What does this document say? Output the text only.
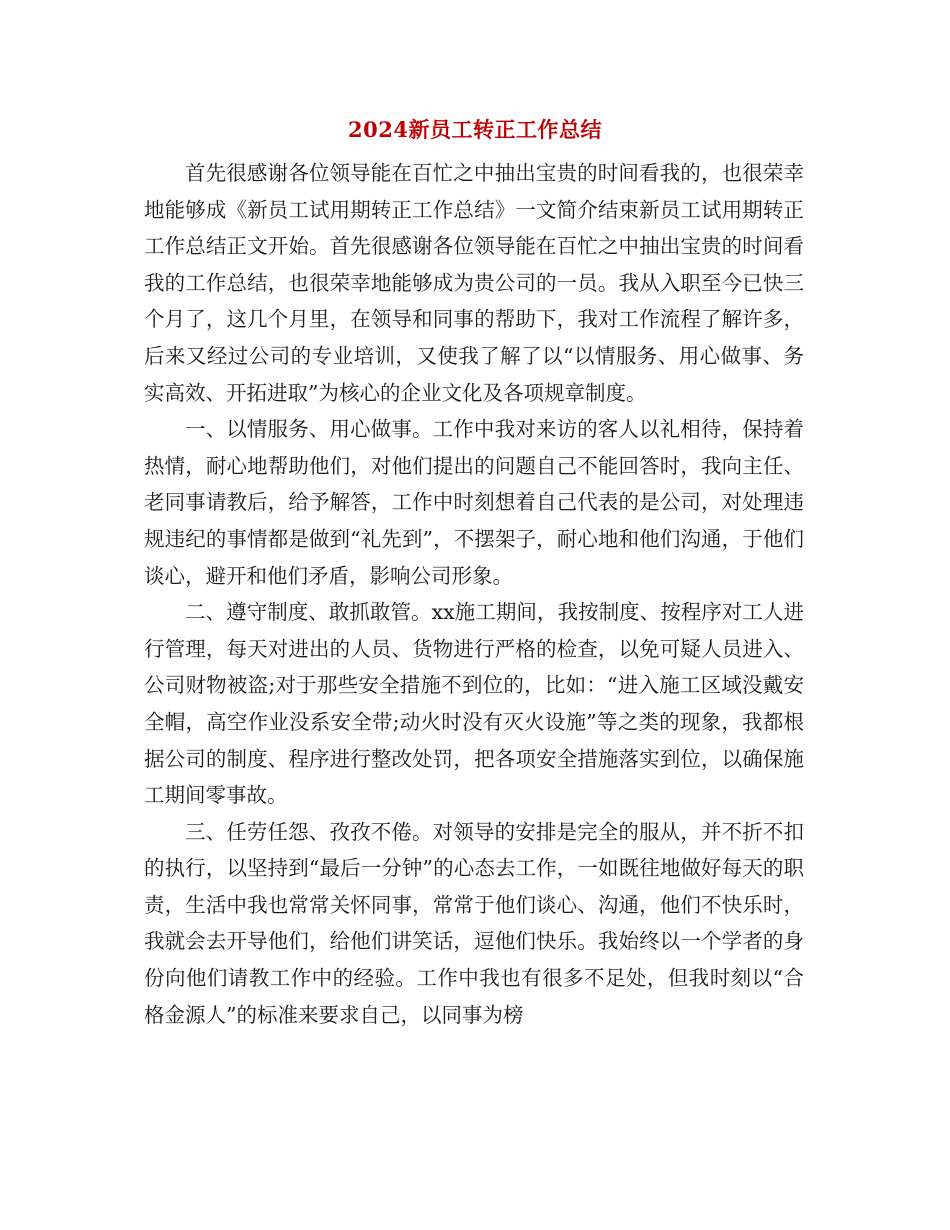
2024新员工转正工作总结

首先很感谢各位领导能在百忙之中抽出宝贵的时间看我的，也很荣幸地能够成《新员工试用期转正工作总结》一文简介结束新员工试用期转正工作总结正文开始。首先很感谢各位领导能在百忙之中抽出宝贵的时间看我的工作总结，也很荣幸地能够成为贵公司的一员。我从入职至今已快三个月了，这几个月里，在领导和同事的帮助下，我对工作流程了解许多，后来又经过公司的专业培训，又使我了解了以“以情服务、用心做事、务实高效、开拓进取”为核心的企业文化及各项规章制度。

一、以情服务、用心做事。工作中我对来访的客人以礼相待，保持着热情，耐心地帮助他们，对他们提出的问题自己不能回答时，我向主任、老同事请教后，给予解答，工作中时刻想着自己代表的是公司，对处理违规违纪的事情都是做到“礼先到”，不摆架子，耐心地和他们沟通，于他们谈心，避开和他们矛盾，影响公司形象。

二、遵守制度、敢抓敢管。xx施工期间，我按制度、按程序对工人进行管理，每天对进出的人员、货物进行严格的检查，以免可疑人员进入、公司财物被盗;对于那些安全措施不到位的，比如：“进入施工区域没戴安全帽，高空作业没系安全带;动火时没有灭火设施”等之类的现象，我都根据公司的制度、程序进行整改处罚，把各项安全措施落实到位，以确保施工期间零事故。

三、任劳任怨、孜孜不倦。对领导的安排是完全的服从，并不折不扣的执行，以坚持到“最后一分钟”的心态去工作，一如既往地做好每天的职责，生活中我也常常关怀同事，常常于他们谈心、沟通，他们不快乐时，我就会去开导他们，给他们讲笑话，逗他们快乐。我始终以一个学者的身份向他们请教工作中的经验。工作中我也有很多不足处，但我时刻以“合格金源人”的标准来要求自己，以同事为榜
